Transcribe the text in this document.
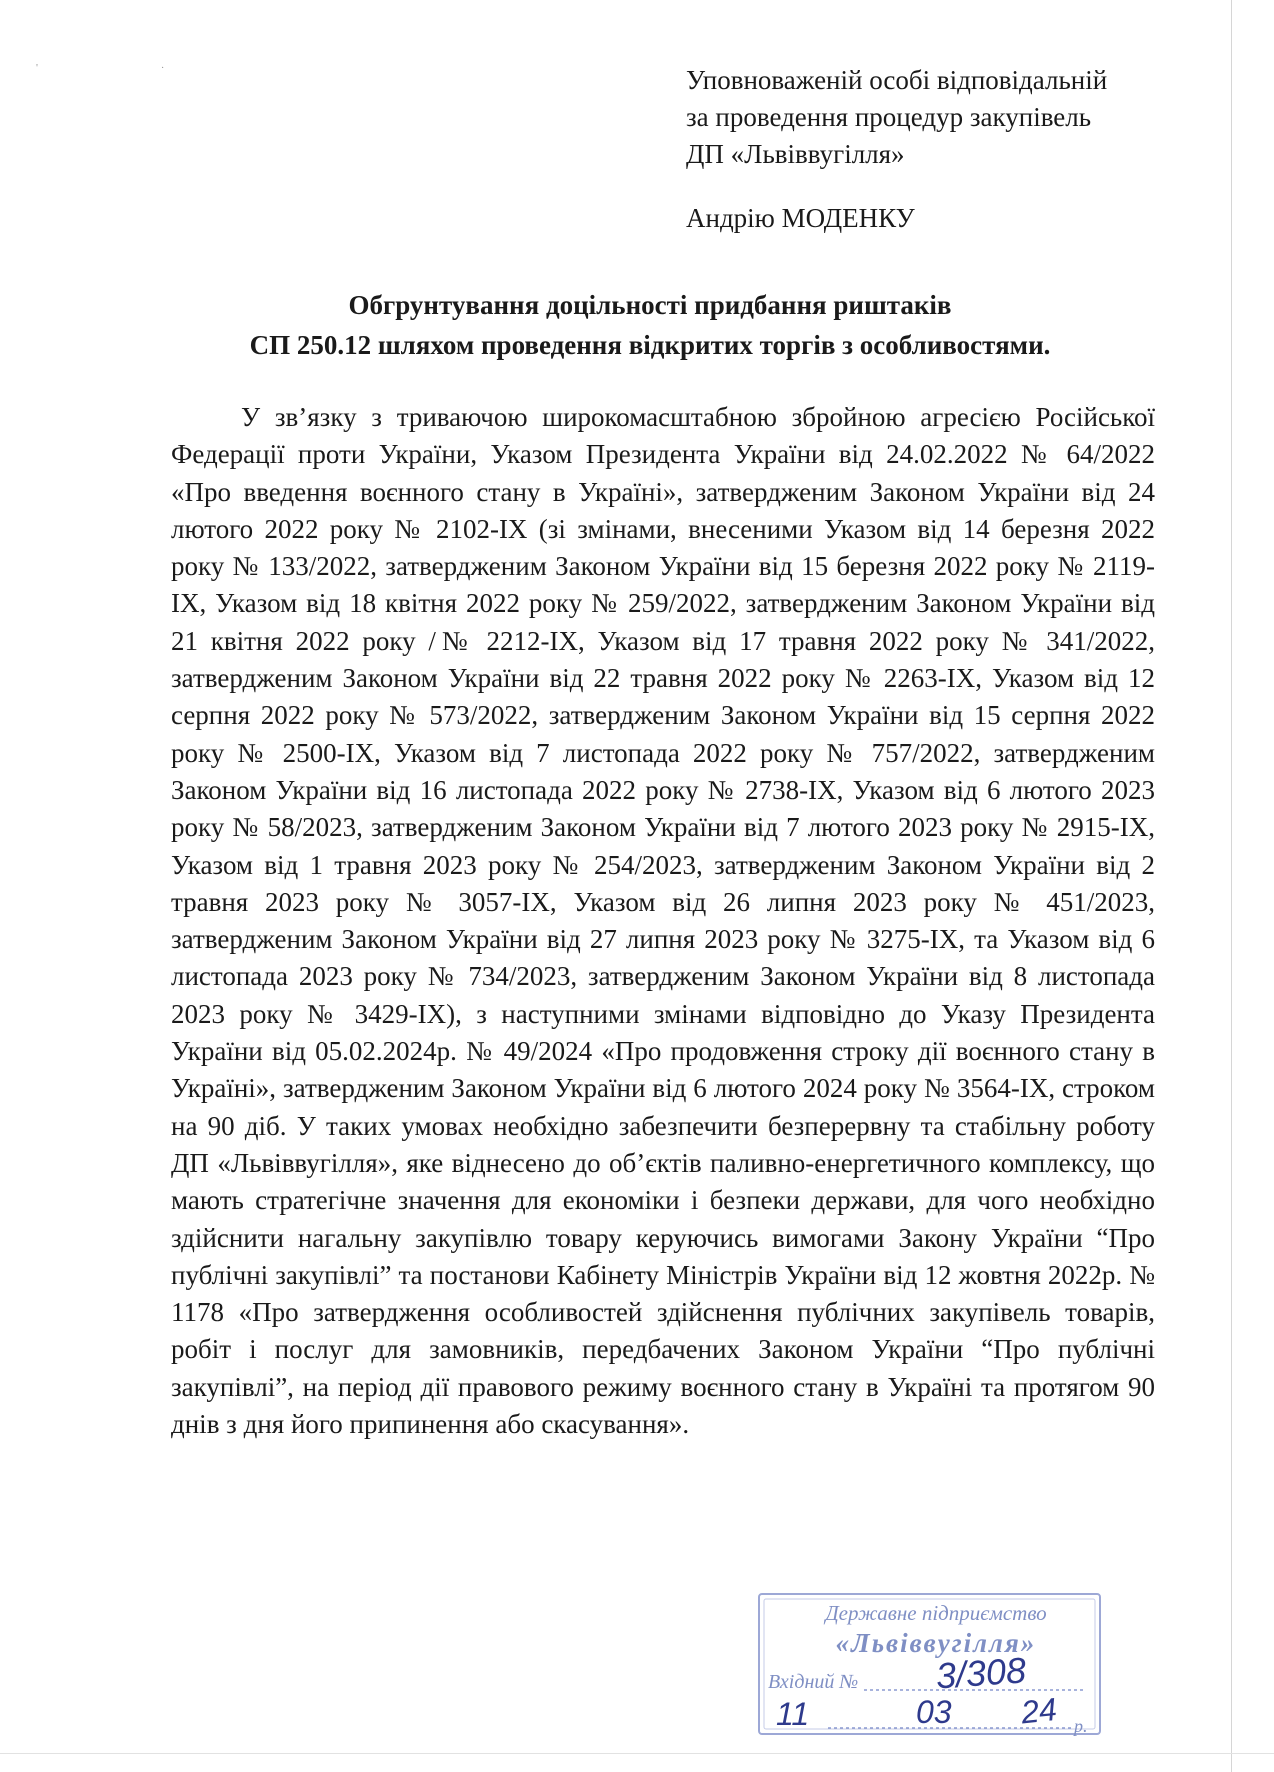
' ·	Уповноваженій особі відповідальній
за проведення процедур закупівель
ДП «Львіввугілля»
Андрію МОДЕНКУ
Обгрунтування доцільності придбання риштаків
СП 250.12 шляхом проведення відкритих торгів з особливостями.
У зв’язку з триваючою широкомасштабною збройною агресією Російської Федерації проти України, Указом Президента України від 24.02.2022 № 64/2022 «Про введення воєнного стану в Україні», затвердженим Законом України від 24 лютого 2022 року № 2102-IX (зі змінами, внесеними Указом від 14 березня 2022 року № 133/2022, затвердженим Законом України від 15 березня 2022 року № 2119-IX, Указом від 18 квітня 2022 року № 259/2022, затвердженим Законом України від 21 квітня 2022 року /№ 2212-IX, Указом від 17 травня 2022 року № 341/2022, затвердженим Законом України від 22 травня 2022 року № 2263-IX, Указом від 12 серпня 2022 року № 573/2022, затвердженим Законом України від 15 серпня 2022 року № 2500-IX, Указом від 7 листопада 2022 року № 757/2022, затвердженим Законом України від 16 листопада 2022 року № 2738-IX, Указом від 6 лютого 2023 року № 58/2023, затвердженим Законом України від 7 лютого 2023 року № 2915-IX, Указом від 1 травня 2023 року № 254/2023, затвердженим Законом України від 2 травня 2023 року № 3057-IX, Указом від 26 липня 2023 року № 451/2023, затвердженим Законом України від 27 липня 2023 року № 3275-IX, та Указом від 6 листопада 2023 року № 734/2023, затвердженим Законом України від 8 листопада 2023 року № 3429-IX), з наступними змінами відповідно до Указу Президента України від 05.02.2024р. № 49/2024 «Про продовження строку дії воєнного стану в Україні», затвердженим Законом України від 6 лютого 2024 року № 3564-IX, строком на 90 діб. У таких умовах необхідно забезпечити безперервну та стабільну роботу ДП «Львіввугілля», яке віднесено до об’єктів паливно-енергетичного комплексу, що мають стратегічне значення для економіки і безпеки держави, для чого необхідно здійснити нагальну закупівлю товару керуючись вимогами Закону України “Про публічні закупівлі” та постанови Кабінету Міністрів України від 12 жовтня 2022р. № 1178 «Про затвердження особливостей здійснення публічних закупівель товарів, робіт і послуг для замовників, передбачених Законом України “Про публічні закупівлі”, на період дії правового режиму воєнного стану в Україні та протягом 90 днів з дня його припинення або скасування».
Державне підприємство
«Львіввугілля»
Вхідний № 3/308
11	03 24 р.
